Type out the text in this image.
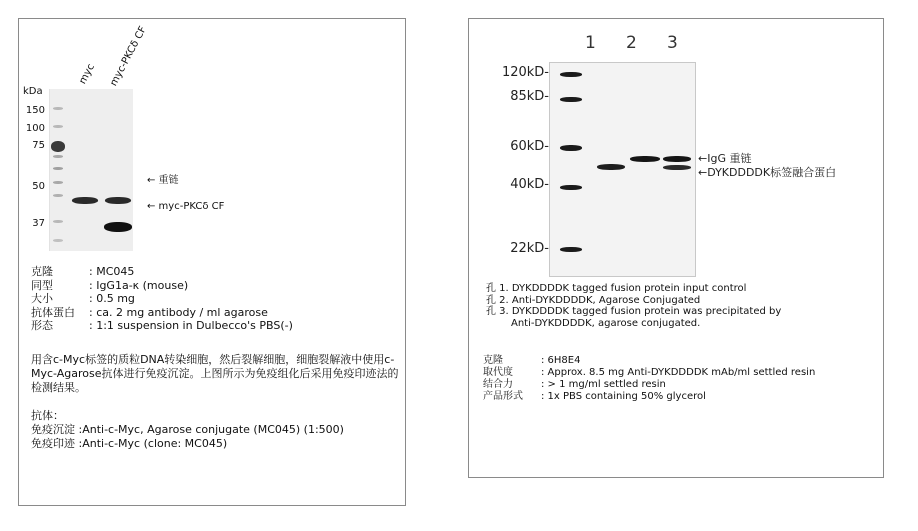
myc myc-PKCδ CF
kDa
150
100
75
50
37
← 重链
← myc-PKCδ CF
克隆	: MC045
同型	: IgG1a-κ (mouse)
大小	: 0.5 mg
抗体蛋白	: ca. 2 mg antibody / ml agarose
形态	: 1:1 suspension in Dulbecco's PBS(-)

用含c-Myc标签的质粒DNA转染细胞，然后裂解细胞，细胞裂解液中使用c-Myc-Agarose抗体进行免疫沉淀。上图所示为免疫组化后采用免疫印迹法的检测结果。

抗体：
免疫沉淀 :Anti-c-Myc, Agarose conjugate (MC045) (1:500)
免疫印迹 :Anti-c-Myc (clone: MC045)
1 2 3
120kD-
85kD-
60kD-
40kD-
22kD-
←IgG 重链
←DYKDDDDK标签融合蛋白
孔 1. DYKDDDDK tagged fusion protein input control
孔 2. Anti-DYKDDDDK, Agarose Conjugated
孔 3. DYKDDDDK tagged fusion protein was precipitated by
Anti-DYKDDDDK, agarose conjugated.
克隆	: 6H8E4
取代度	: Approx. 8.5 mg Anti-DYKDDDDK mAb/ml settled resin
结合力	: > 1 mg/ml settled resin
产品形式	: 1x PBS containing 50% glycerol
